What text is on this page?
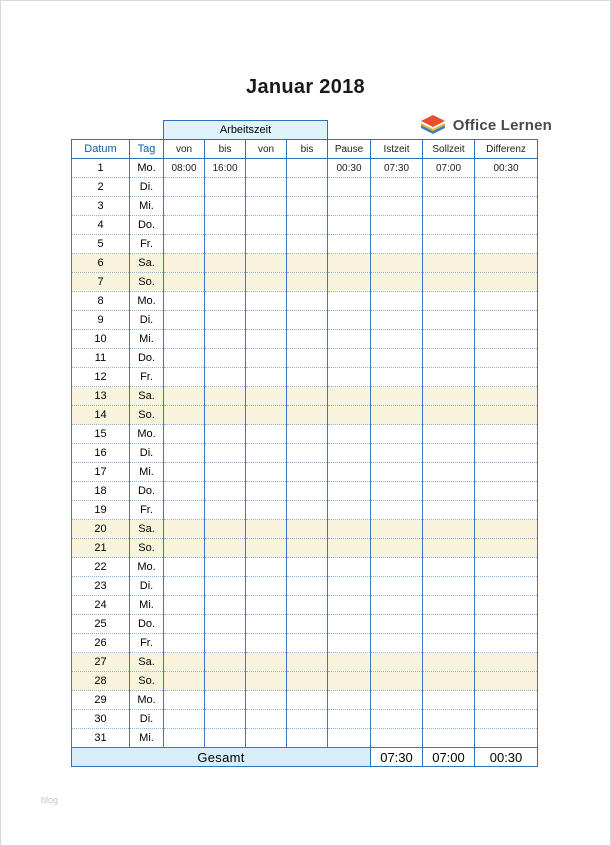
Januar 2018
Office Lernen
		Arbeitszeit							
Datum	Tag	von	bis	von	bis	Pause	Istzeit	Sollzeit	Differenz
1	Mo.	08:00	16:00			00:30	07:30	07:00	00:30
2	Di.								
3	Mi.								
4	Do.								
5	Fr.								
6	Sa.								
7	So.								
8	Mo.								
9	Di.								
10	Mi.								
11	Do.								
12	Fr.								
13	Sa.								
14	So.								
15	Mo.								
16	Di.								
17	Mi.								
18	Do.								
19	Fr.								
20	Sa.								
21	So.								
22	Mo.								
23	Di.								
24	Mi.								
25	Do.								
26	Fr.								
27	Sa.								
28	So.								
29	Mo.								
30	Di.								
31	Mi.								
Gesamt							07:30	07:00	00:30
blog
